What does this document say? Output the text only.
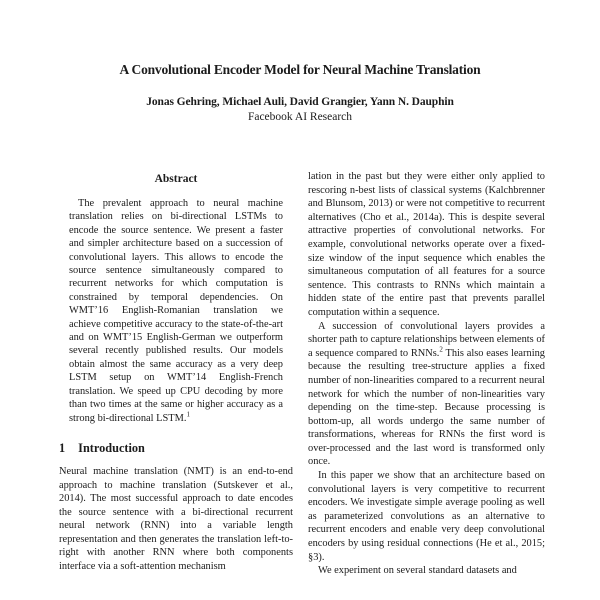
A Convolutional Encoder Model for Neural Machine Translation
Jonas Gehring, Michael Auli, David Grangier, Yann N. Dauphin
Facebook AI Research
Abstract

The prevalent approach to neural machine translation relies on bi-directional LSTMs to encode the source sentence. We present a faster and simpler architecture based on a succession of convolutional layers. This allows to encode the source sentence simultaneously compared to recurrent networks for which computation is constrained by temporal dependencies. On WMT’16 English-Romanian translation we achieve competitive accuracy to the state-of-the-art and on WMT’15 English-German we outperform several recently published results. Our models obtain almost the same accuracy as a very deep LSTM setup on WMT’14 English-French translation. We speed up CPU decoding by more than two times at the same or higher accuracy as a strong bi-directional LSTM.$^1$

1 Introduction

Neural machine translation (NMT) is an end-to-end approach to machine translation (Sutskever et al., 2014). The most successful approach to date encodes the source sentence with a bi-directional recurrent neural network (RNN) into a variable length representation and then generates the translation left-to-right with another RNN where both components interface via a soft-attention mechanism

lation in the past but they were either only applied to rescoring n-best lists of classical systems (Kalchbrenner and Blunsom, 2013) or were not competitive to recurrent alternatives (Cho et al., 2014a). This is despite several attractive properties of convolutional networks. For example, convolutional networks operate over a fixed-size window of the input sequence which enables the simultaneous computation of all features for a source sentence. This contrasts to RNNs which maintain a hidden state of the entire past that prevents parallel computation within a sequence.

A succession of convolutional layers provides a shorter path to capture relationships between elements of a sequence compared to RNNs.$^2$ This also eases learning because the resulting tree-structure applies a fixed number of non-linearities compared to a recurrent neural network for which the number of non-linearities vary depending on the time-step. Because processing is bottom-up, all words undergo the same number of transformations, whereas for RNNs the first word is over-processed and the last word is transformed only once.

In this paper we show that an architecture based on convolutional layers is very competitive to recurrent encoders. We investigate simple average pooling as well as parameterized convolutions as an alternative to recurrent encoders and enable very deep convolutional encoders by using residual connections (He et al., 2015; §3).

We experiment on several standard datasets and
